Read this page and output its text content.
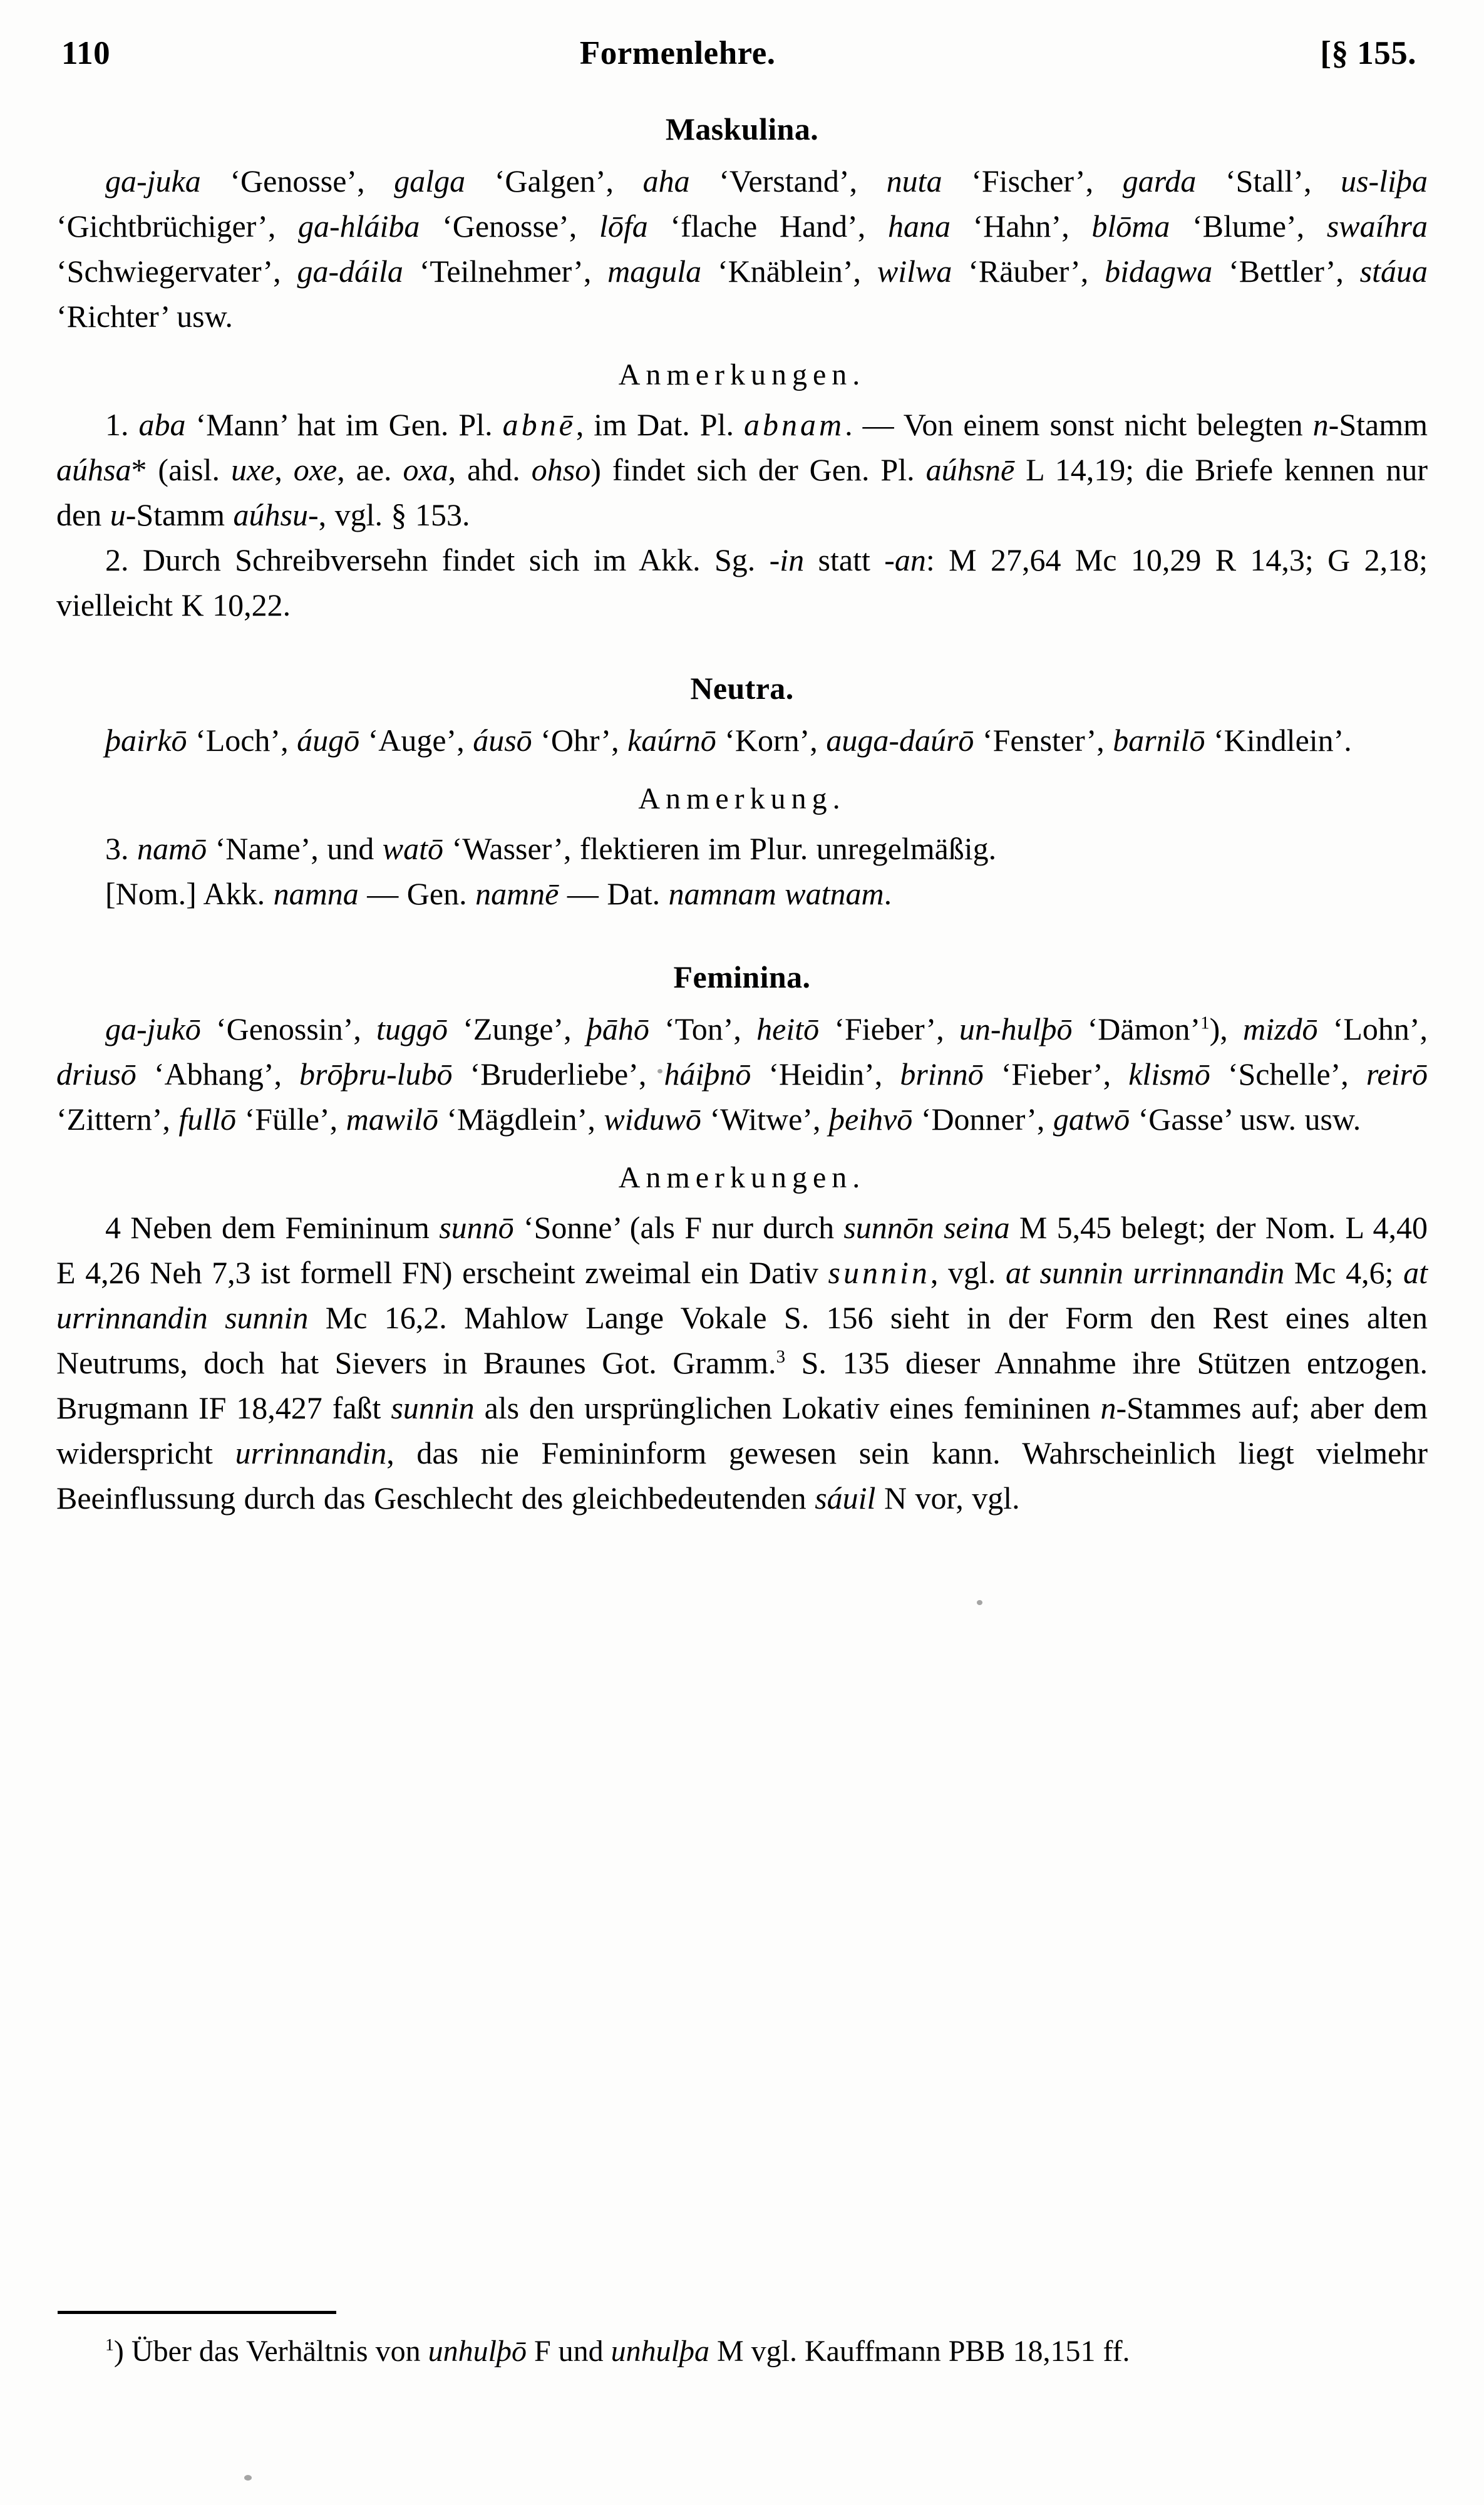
110	Formenlehre.	[§ 155.
Maskulina.

ga-juka ‘Genosse’, galga ‘Galgen’, aha ‘Verstand’, nuta ‘Fischer’, garda ‘Stall’, us-liþa ‘Gichtbrüchiger’, ga-hláiba ‘Genosse’, lōfa ‘flache Hand’, hana ‘Hahn’, blōma ‘Blume’, swaíhra ‘Schwiegervater’, ga-dáila ‘Teilnehmer’, magula ‘Knäblein’, wilwa ‘Räuber’, bidagwa ‘Bettler’, stáua ‘Richter’ usw.

Anmerkungen.

1. aba ‘Mann’ hat im Gen. Pl. abnē, im Dat. Pl. abnam. — Von einem sonst nicht belegten n-Stamm aúhsa* (aisl. uxe, oxe, ae. oxa, ahd. ohso) findet sich der Gen. Pl. aúhsnē L 14,19; die Briefe kennen nur den u-Stamm aúhsu-, vgl. § 153.

2. Durch Schreibversehn findet sich im Akk. Sg. -in statt -an: M 27,64 Mc 10,29 R 14,3; G 2,18; vielleicht K 10,22.

Neutra.

þairkō ‘Loch’, áugō ‘Auge’, áusō ‘Ohr’, kaúrnō ‘Korn’, auga-daúrō ‘Fenster’, barnilō ‘Kindlein’.

Anmerkung.

3. namō ‘Name’, und watō ‘Wasser’, flektieren im Plur. unregelmäßig.

[Nom.] Akk. namna — Gen. namnē — Dat. namnam watnam.

Feminina.

ga-jukō ‘Genossin’, tuggō ‘Zunge’, þāhō ‘Ton’, heitō ‘Fieber’, un-hulþō ‘Dämon’$^1$), mizdō ‘Lohn’, driusō ‘Abhang’, brōþru-lubō ‘Bruderliebe’, háiþnō ‘Heidin’, brinnō ‘Fieber’, klismō ‘Schelle’, reirō ‘Zittern’, fullō ‘Fülle’, mawilō ‘Mägdlein’, widuwō ‘Witwe’, þeihvō ‘Donner’, gatwō ‘Gasse’ usw. usw.

Anmerkungen.

4 Neben dem Femininum sunnō ‘Sonne’ (als F nur durch sunnōn seina M 5,45 belegt; der Nom. L 4,40 E 4,26 Neh 7,3 ist formell FN) erscheint zweimal ein Dativ sunnin, vgl. at sunnin urrinnandin Mc 4,6; at urrinnandin sunnin Mc 16,2. Mahlow Lange Vokale S. 156 sieht in der Form den Rest eines alten Neutrums, doch hat Sievers in Braunes Got. Gramm.$^3$ S. 135 dieser Annahme ihre Stützen entzogen. Brugmann IF 18,427 faßt sunnin als den ursprünglichen Lokativ eines femininen n-Stammes auf; aber dem widerspricht urrinnandin, das nie Femininform gewesen sein kann. Wahrscheinlich liegt vielmehr Beeinflussung durch das Geschlecht des gleichbedeutenden sáuil N vor, vgl.

$^1$) Über das Verhältnis von unhulþō F und unhulþa M vgl. Kauffmann PBB 18,151 ff.
